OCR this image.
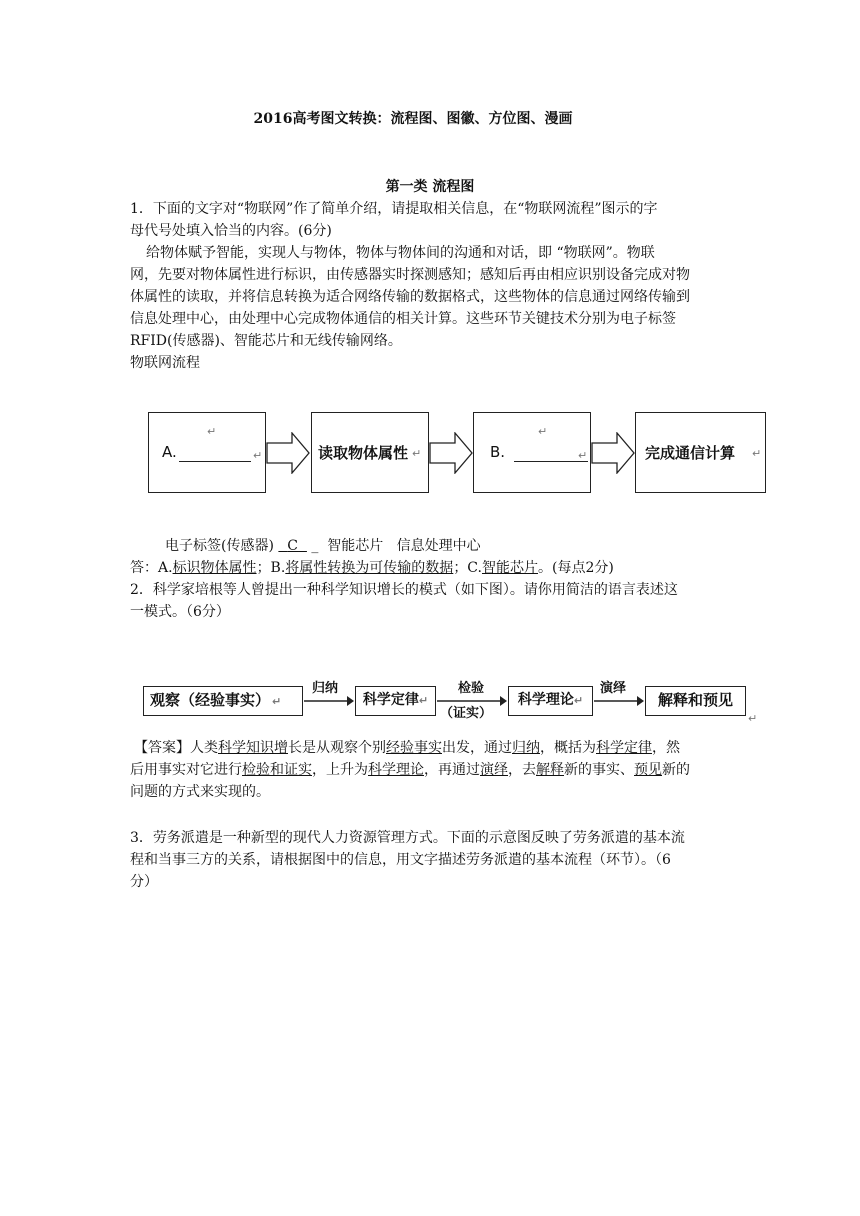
2016高考图文转换：流程图、图徽、方位图、漫画
第一类 流程图
1．下面的文字对“物联网”作了简单介绍，请提取相关信息，在“物联网流程”图示的字
母代号处填入恰当的内容。(6分)
给物体赋予智能，实现人与物体，物体与物体间的沟通和对话，即 “物联网”。物联
网，先要对物体属性进行标识，由传感器实时探测感知；感知后再由相应识别设备完成对物
体属性的读取，并将信息转换为适合网络传输的数据格式，这些物体的信息通过网络传输到
信息处理中心，由处理中心完成物体通信的相关计算。这些环节关键技术分别为电子标签
RFID(传感器)、智能芯片和无线传输网络。
物联网流程
A.
↵
↵	读取物体属性 ↵	B.
↵
↵	完成通信计算 ↵
电子标签(传感器) C _  智能芯片 信息处理中心
答：A.标识物体属性；B.将属性转换为可传输的数据；C.智能芯片。(每点2分)
2．科学家培根等人曾提出一种科学知识增长的模式（如下图）。请你用简洁的语言表述这
一模式。（6分）
观察（经验事实） ↵
归纳
科学定律↵
检验
（证实）
科学理论↵
演绎
解释和预见
↵
【答案】人类科学知识增长是从观察个别经验事实出发，通过归纳，概括为科学定律，然
后用事实对它进行检验和证实，上升为科学理论，再通过演绎，去解释新的事实、预见新的
问题的方式来实现的。
3．劳务派遣是一种新型的现代人力资源管理方式。下面的示意图反映了劳务派遣的基本流
程和当事三方的关系，请根据图中的信息，用文字描述劳务派遣的基本流程（环节）。（6
分）
